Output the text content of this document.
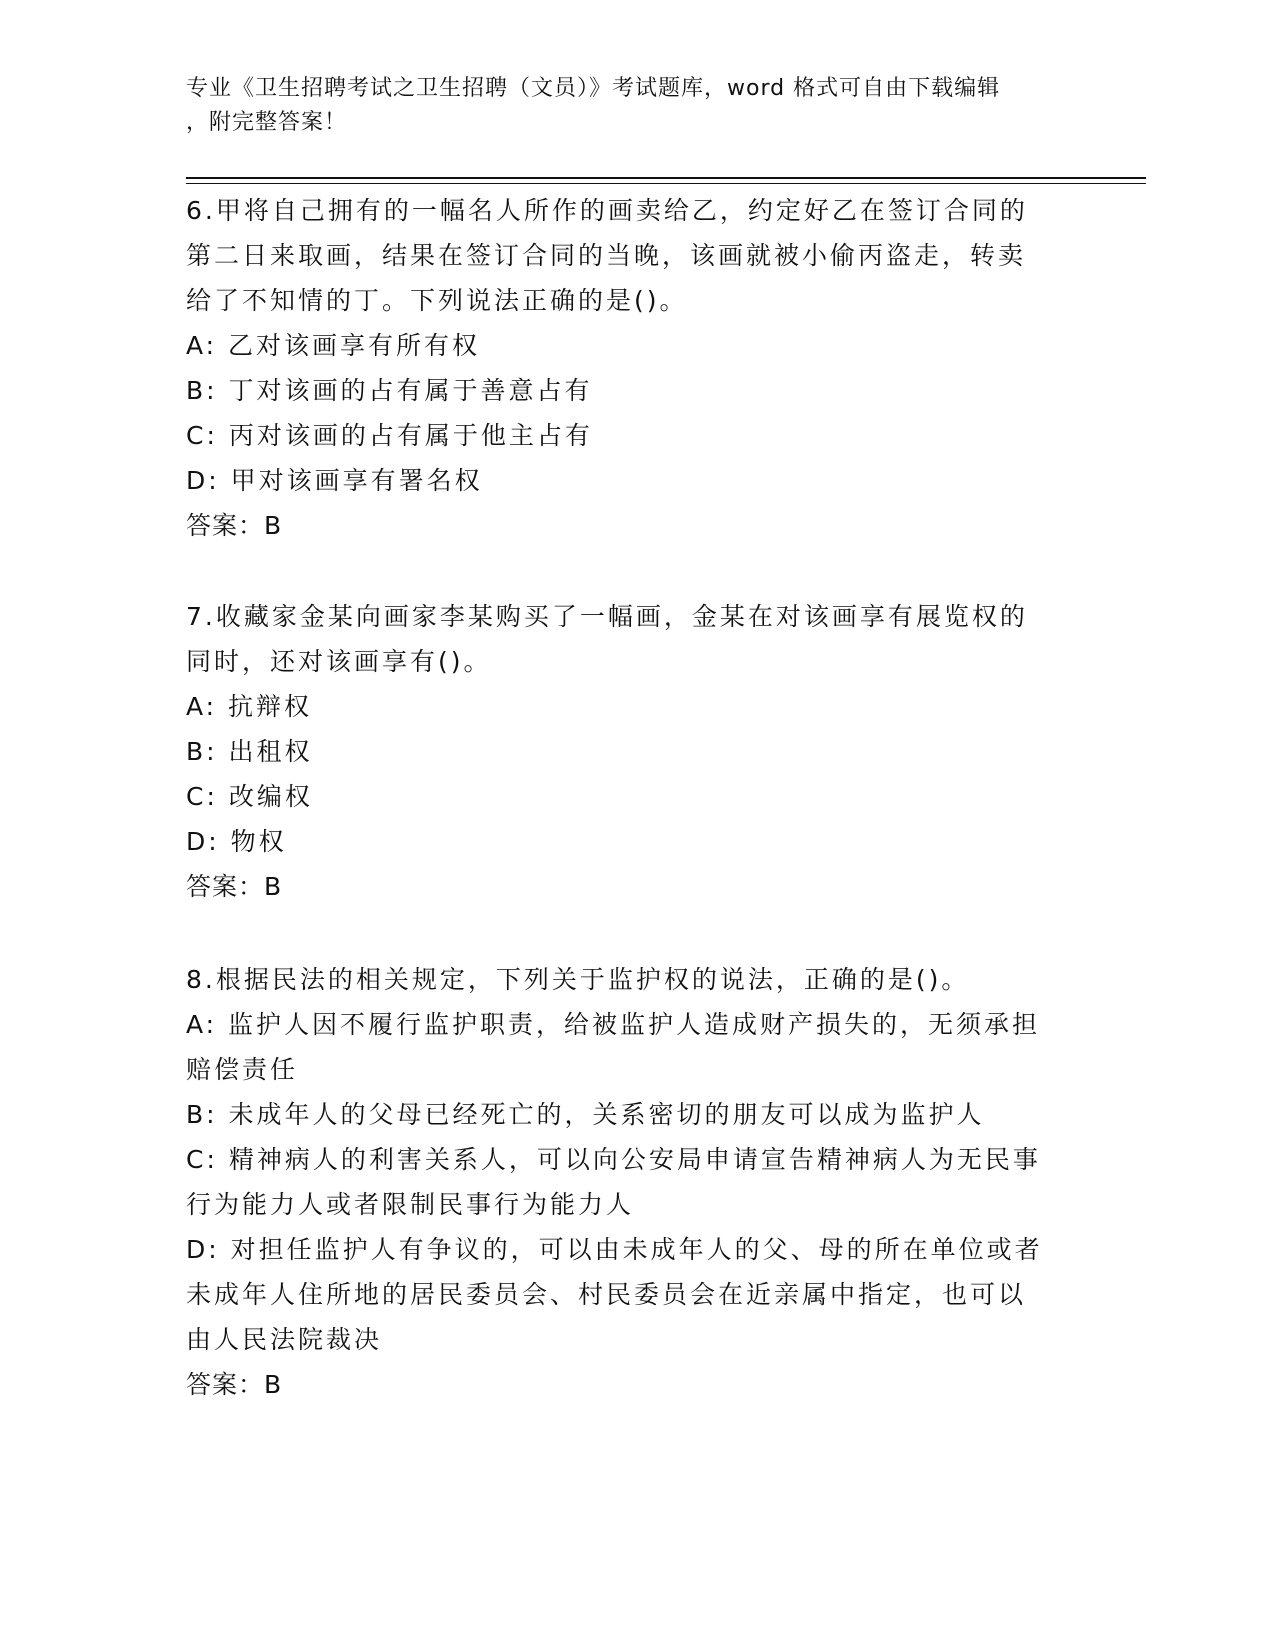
专业《卫生招聘考试之卫生招聘（文员）》考试题库，word 格式可自由下载编辑
，附完整答案！
6.甲将自己拥有的一幅名人所作的画卖给乙，约定好乙在签订合同的
第二日来取画，结果在签订合同的当晚，该画就被小偷丙盗走，转卖
给了不知情的丁。下列说法正确的是()。
A: 乙对该画享有所有权
B: 丁对该画的占有属于善意占有
C: 丙对该画的占有属于他主占有
D: 甲对该画享有署名权
答案：B
7.收藏家金某向画家李某购买了一幅画，金某在对该画享有展览权的
同时，还对该画享有()。
A: 抗辩权
B: 出租权
C: 改编权
D: 物权
答案：B
8.根据民法的相关规定，下列关于监护权的说法，正确的是()。
A: 监护人因不履行监护职责，给被监护人造成财产损失的，无须承担
赔偿责任
B: 未成年人的父母已经死亡的，关系密切的朋友可以成为监护人
C: 精神病人的利害关系人，可以向公安局申请宣告精神病人为无民事
行为能力人或者限制民事行为能力人
D: 对担任监护人有争议的，可以由未成年人的父、母的所在单位或者
未成年人住所地的居民委员会、村民委员会在近亲属中指定，也可以
由人民法院裁决
答案：B
